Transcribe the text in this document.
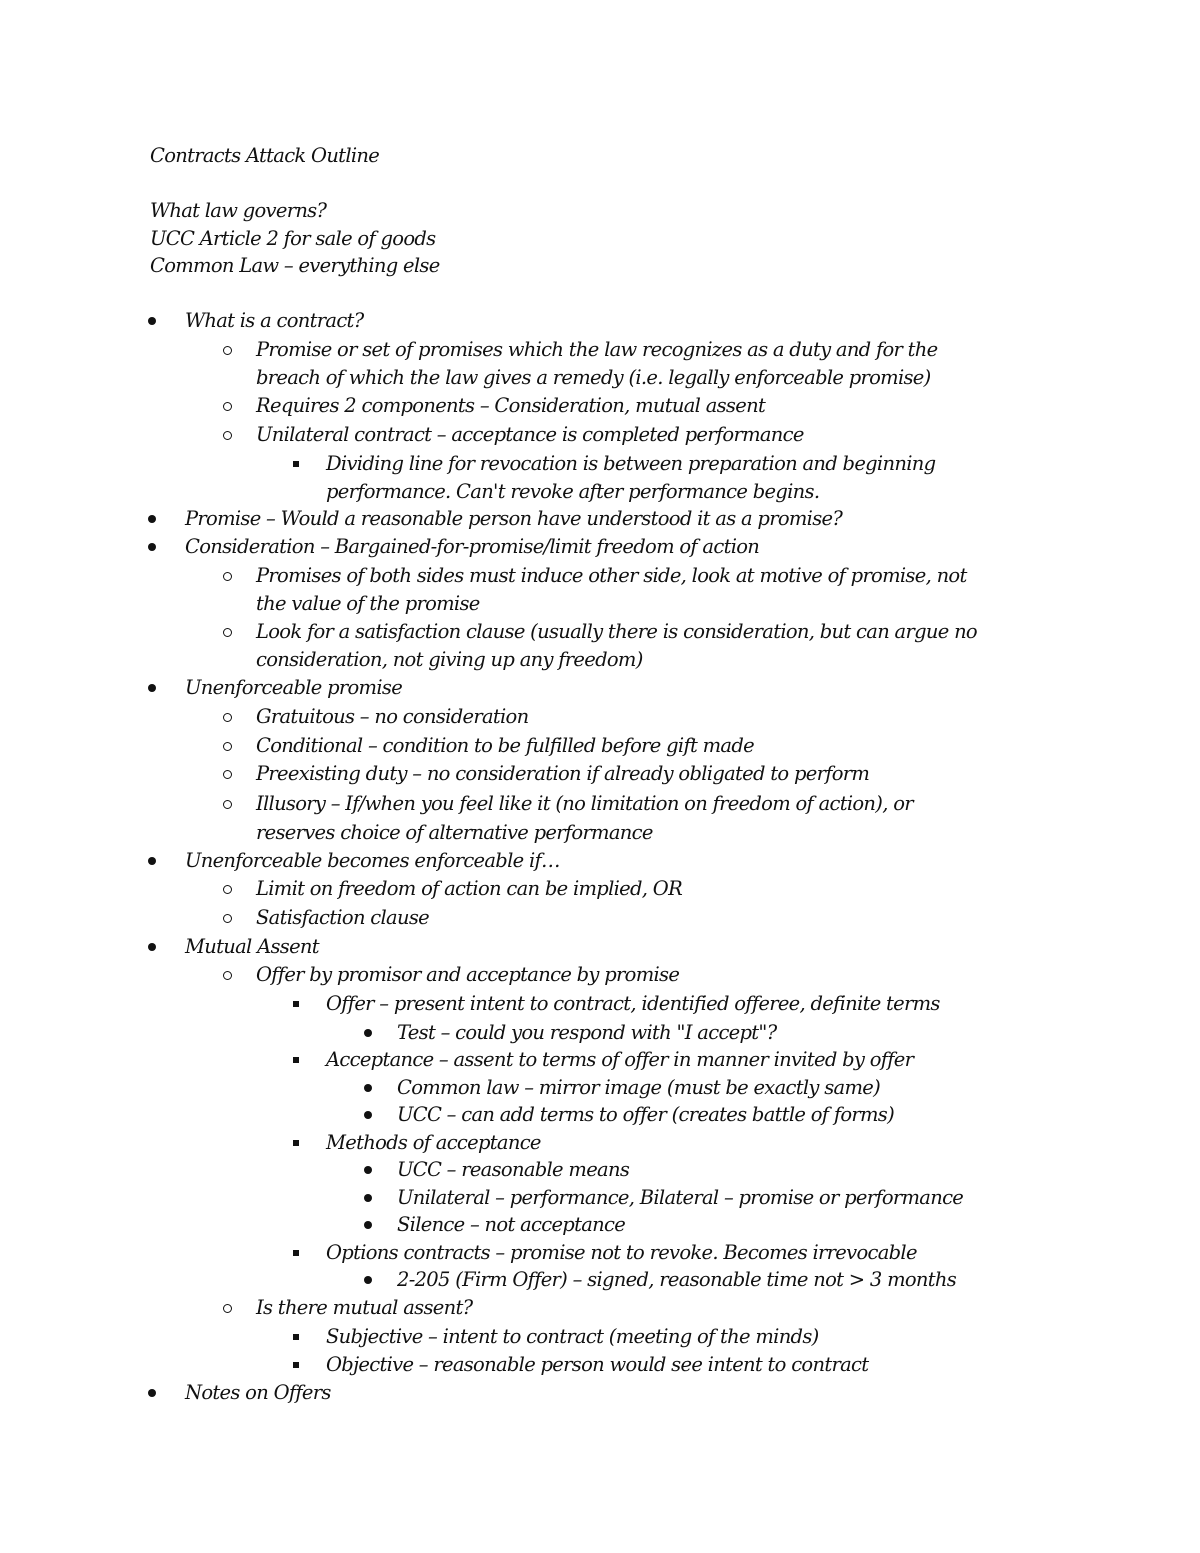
Contracts Attack Outline
What law governs?
UCC Article 2 for sale of goods
Common Law – everything else
What is a contract?
Promise or set of promises which the law recognizes as a duty and for the
breach of which the law gives a remedy (i.e. legally enforceable promise)
Requires 2 components – Consideration, mutual assent
Unilateral contract – acceptance is completed performance
Dividing line for revocation is between preparation and beginning
performance. Can't revoke after performance begins.
Promise – Would a reasonable person have understood it as a promise?
Consideration – Bargained-for-promise/limit freedom of action
Promises of both sides must induce other side, look at motive of promise, not
the value of the promise
Look for a satisfaction clause (usually there is consideration, but can argue no
consideration, not giving up any freedom)
Unenforceable promise
Gratuitous – no consideration
Conditional – condition to be fulfilled before gift made
Preexisting duty – no consideration if already obligated to perform
Illusory – If/when you feel like it (no limitation on freedom of action), or
reserves choice of alternative performance
Unenforceable becomes enforceable if…
Limit on freedom of action can be implied, OR
Satisfaction clause
Mutual Assent
Offer by promisor and acceptance by promise
Offer – present intent to contract, identified offeree, definite terms
Test – could you respond with "I accept"?
Acceptance – assent to terms of offer in manner invited by offer
Common law – mirror image (must be exactly same)
UCC – can add terms to offer (creates battle of forms)
Methods of acceptance
UCC – reasonable means
Unilateral – performance, Bilateral – promise or performance
Silence – not acceptance
Options contracts – promise not to revoke. Becomes irrevocable
2-205 (Firm Offer) – signed, reasonable time not > 3 months
Is there mutual assent?
Subjective – intent to contract (meeting of the minds)
Objective – reasonable person would see intent to contract
Notes on Offers
